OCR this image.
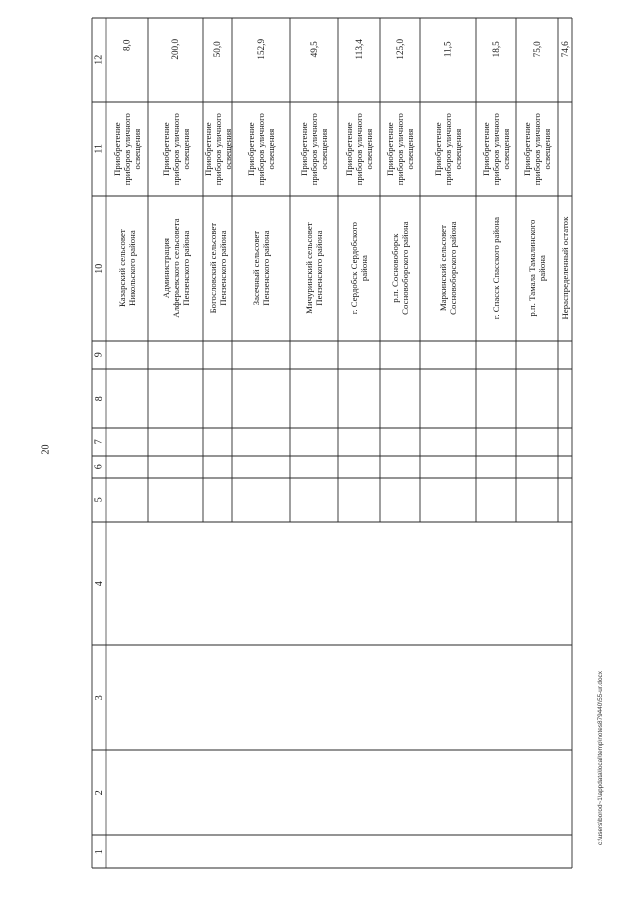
20
12
11
10
9
8
7
6
5
4
3
2
1
8,0
Приобретение приборов уличного освещения
Казарский сельсовет Никольского района
200,0
Приобретение приборов уличного освещения
Администрация Алферьевского сельсовета Пензенского района
50,0
Приобретение приборов уличного освещения
Богословский сельсовет Пензенского района
152,9
Приобретение приборов уличного освещения
Засечный сельсовет Пензенского района
49,5
Приобретение приборов уличного освещения
Мичуринский сельсовет Пензенского района
113,4
Приобретение приборов уличного освещения
г. Сердобск Сердобского района
125,0
Приобретение приборов уличного освещения
р.п. Сосновоборск Сосновоборского района
11,5
Приобретение приборов уличного освещения
Маркинский сельсовет Сосновоборского района
18,5
Приобретение приборов уличного освещения
г. Спасск Спасского района
75,0
Приобретение приборов уличного освещения
р.п. Тамала Тамалинского района
74,6
Нераспределенный остаток
c:\users\borod~1\appdata\local\temp\notes879440\55-ur.docx
